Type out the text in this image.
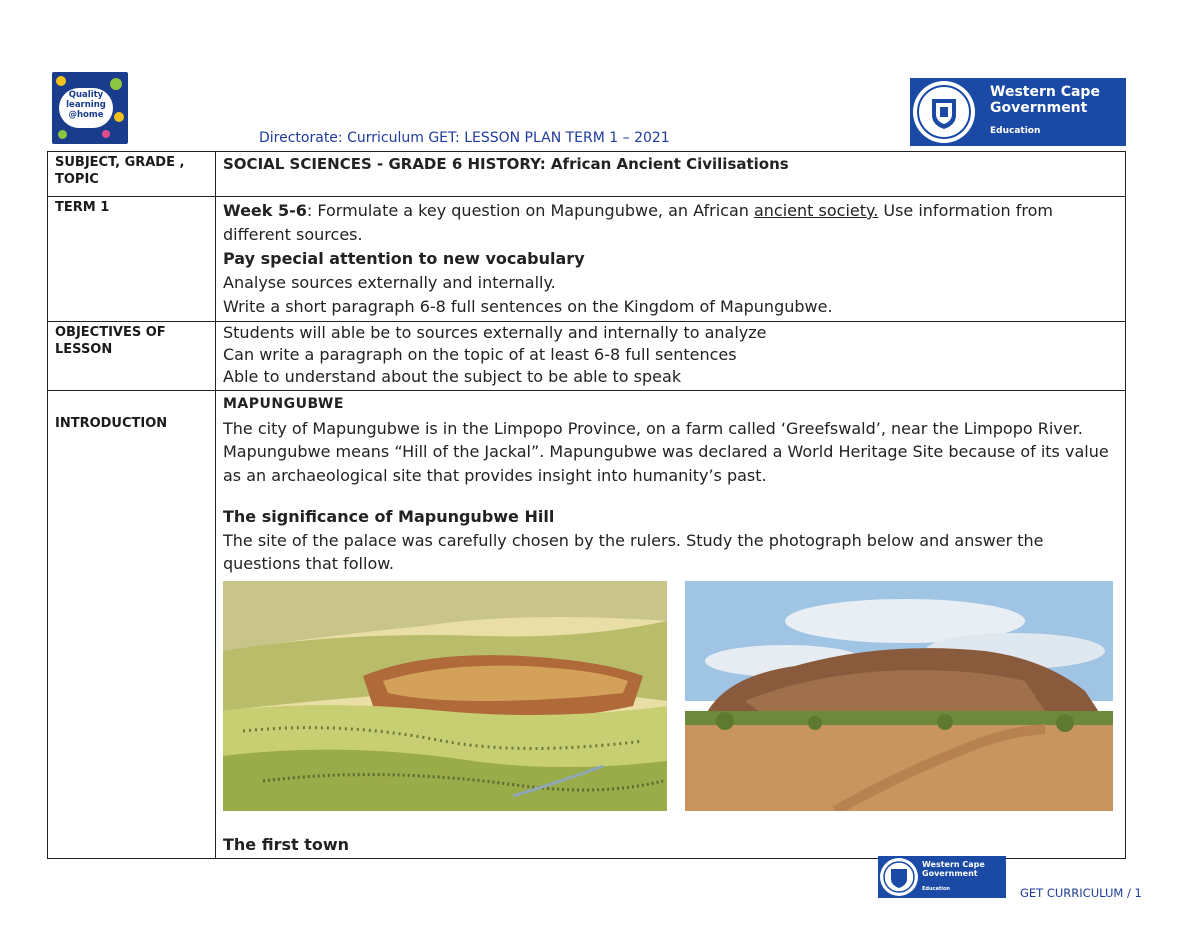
Quality learning @home
Western Cape Government
Education
Directorate: Curriculum GET: LESSON PLAN TERM 1 – 2021
SUBJECT, GRADE , TOPIC	SOCIAL SCIENCES - GRADE 6 HISTORY: African Ancient Civilisations
TERM 1	Week 5-6: Formulate a key question on Mapungubwe, an African ancient society. Use information from different sources.
Pay special attention to new vocabulary
Analyse sources externally and internally.
Write a short paragraph 6-8 full sentences on the Kingdom of Mapungubwe.

OBJECTIVES OF LESSON	Students will able be to sources externally and internally to analyze
Can write a paragraph on the topic of at least 6-8 full sentences
Able to understand about the subject to be able to speak

INTRODUCTION	MAPUNGUBWE
The city of Mapungubwe is in the Limpopo Province, on a farm called ‘Greefswald’, near the Limpopo River. Mapungubwe means “Hill of the Jackal”. Mapungubwe was declared a World Heritage Site because of its value as an archaeological site that provides insight into humanity’s past.
The significance of Mapungubwe Hill
The site of the palace was carefully chosen by the rulers. Study the photograph below and answer the questions that follow.
The first town
Western Cape Government
Education	GET CURRICULUM / 1
